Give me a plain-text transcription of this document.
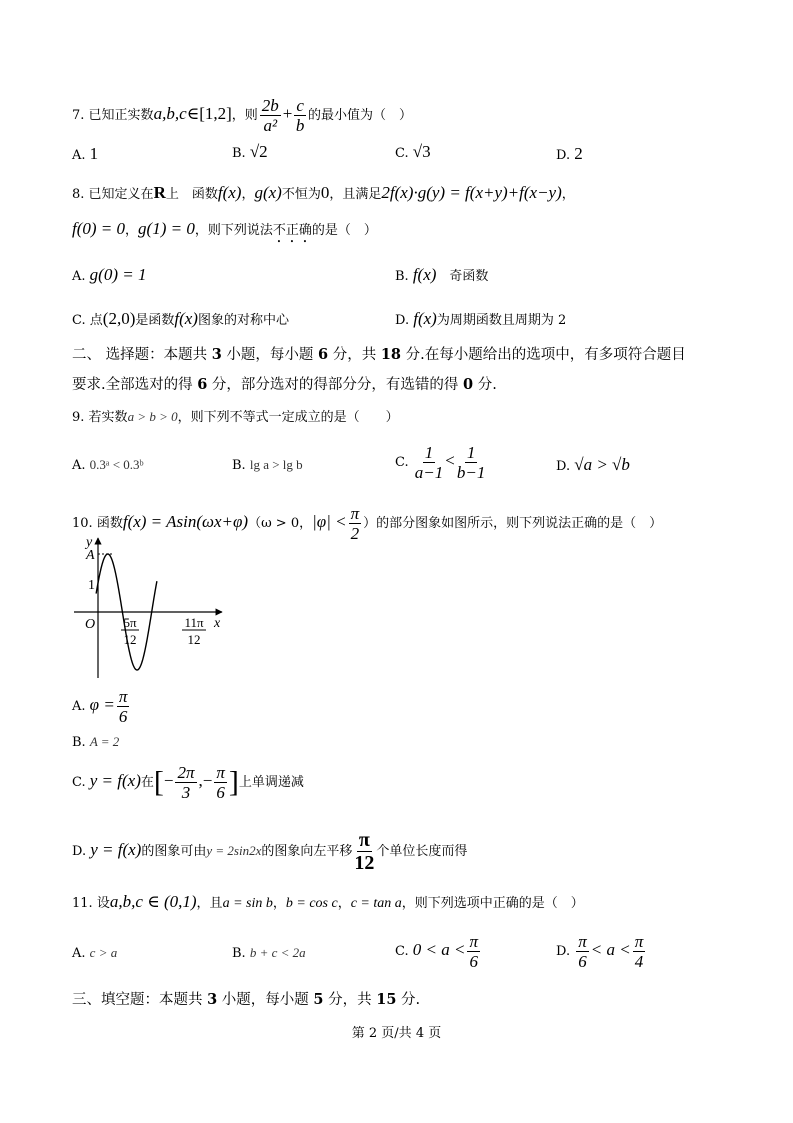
7. 已知正实数a,b,c∈[1,2]，则 $\frac{2b}{\text{a²}} + \frac{c}{b}$ 的最小值为（　）
A. 1	B. √2	C. √3	D. 2
8. 已知定义在R上　函数f(x)，g(x)不恒为0，且满足2f(x)·g(y) = f(x+y)+f(x−y)，
f(0) = 0，g(1) = 0，则下列说法不正确的是（　）
A. g(0) = 1	B. f(x)　奇函数
C. 点(2,0)是函数f(x)图象的对称中心	D. f(x)为周期函数且周期为 2
二、 选择题：本题共 3 小题，每小题 6 分，共 18 分.在每小题给出的选项中，有多项符合题目
要求.全部选对的得 6 分，部分选对的得部分分，有选错的得 0 分.
9. 若实数a > b > 0，则下列不等式一定成立的是（　　）
A. 0.3ᵃ < 0.3ᵇ	B. lg a > lg b	C. $\frac{1}{a-1} < \frac{1}{b-1}$	D. √a > √b
10. 函数f(x) = Asin(ωx+φ)（ω > 0，$|\varphi| < \frac{\pi}{2}$ ）的部分图象如图所示，则下列说法正确的是（　）
y
A
1
O	x
5π
12
11π
12
A. $\varphi = \frac{\pi}{6}$
B. A = 2
C. y = f(x)在[− $\frac{2\pi}{3}$ ,− $\frac{\pi}{6}$ ]上单调递减
D. y = f(x)的图象可由y = 2sin2x的图象向左平移 $\frac{\pi}{12}$ 个单位长度而得
11. 设a,b,c ∈ (0,1)，且a = sin b，b = cos c，c = tan a，则下列选项中正确的是（　）
A. c > a	B. b + c < 2a	C. $0 < a < \frac{\pi}{6}$	D. $\frac{\pi}{6} < a < \frac{\pi}{4}$
三、填空题：本题共 3 小题，每小题 5 分，共 15 分.
第 2 页/共 4 页
